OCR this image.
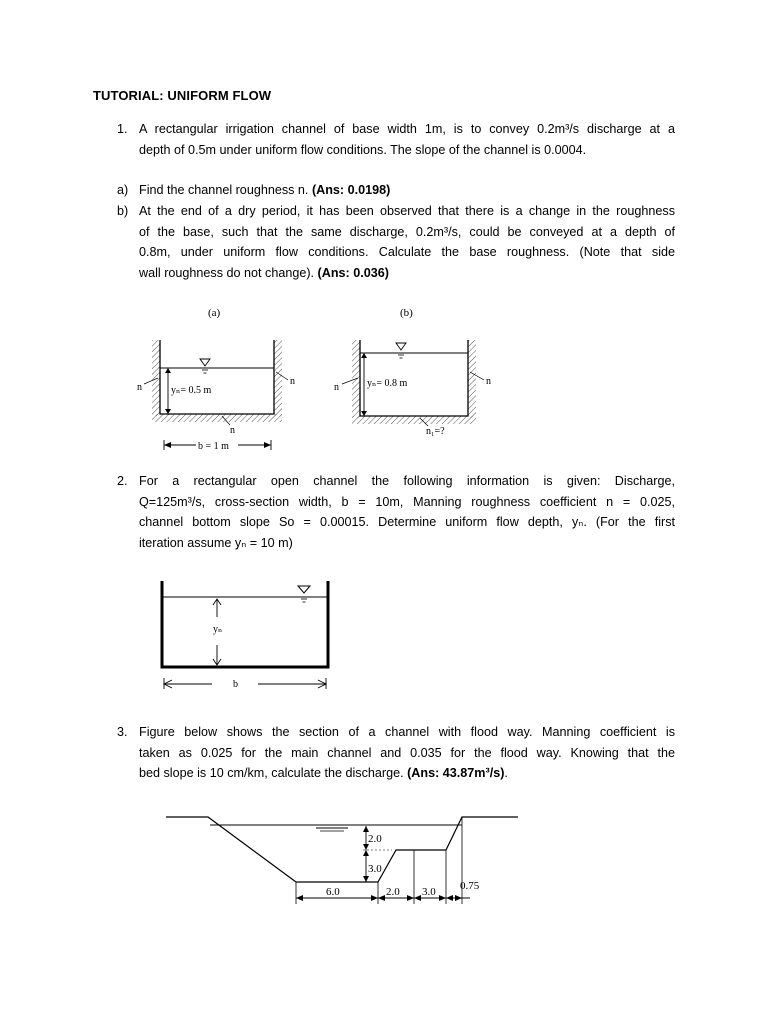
TUTORIAL: UNIFORM FLOW
1. A rectangular irrigation channel of base width 1m, is to convey 0.2m³/s discharge at a
depth of 0.5m under uniform flow conditions. The slope of the channel is 0.0004.
a) Find the channel roughness n. (Ans: 0.0198)
b) At the end of a dry period, it has been observed that there is a change in the roughness
of the base, such that the same discharge, 0.2m³/s, could be conveyed at a depth of
0.8m, under uniform flow conditions. Calculate the base roughness. (Note that side
wall roughness do not change). (Ans: 0.036)
(a)	(b)
yₙ= 0.5 m
n
n
n
b = 1 m
yₙ= 0.8 m
n
n
n₁=?
2. For a rectangular open channel the following information is given: Discharge,
Q=125m³/s, cross-section width, b = 10m, Manning roughness coefficient n = 0.025,
channel bottom slope So = 0.00015. Determine uniform flow depth, yₙ. (For the first
iteration assume yₙ = 10 m)
yₙ
b
3. Figure below shows the section of a channel with flood way. Manning coefficient is
taken as 0.025 for the main channel and 0.035 for the flood way. Knowing that the
bed slope is 10 cm/km, calculate the discharge. (Ans: 43.87m³/s).
2.0
3.0
6.0	2.0 3.0 0.75
